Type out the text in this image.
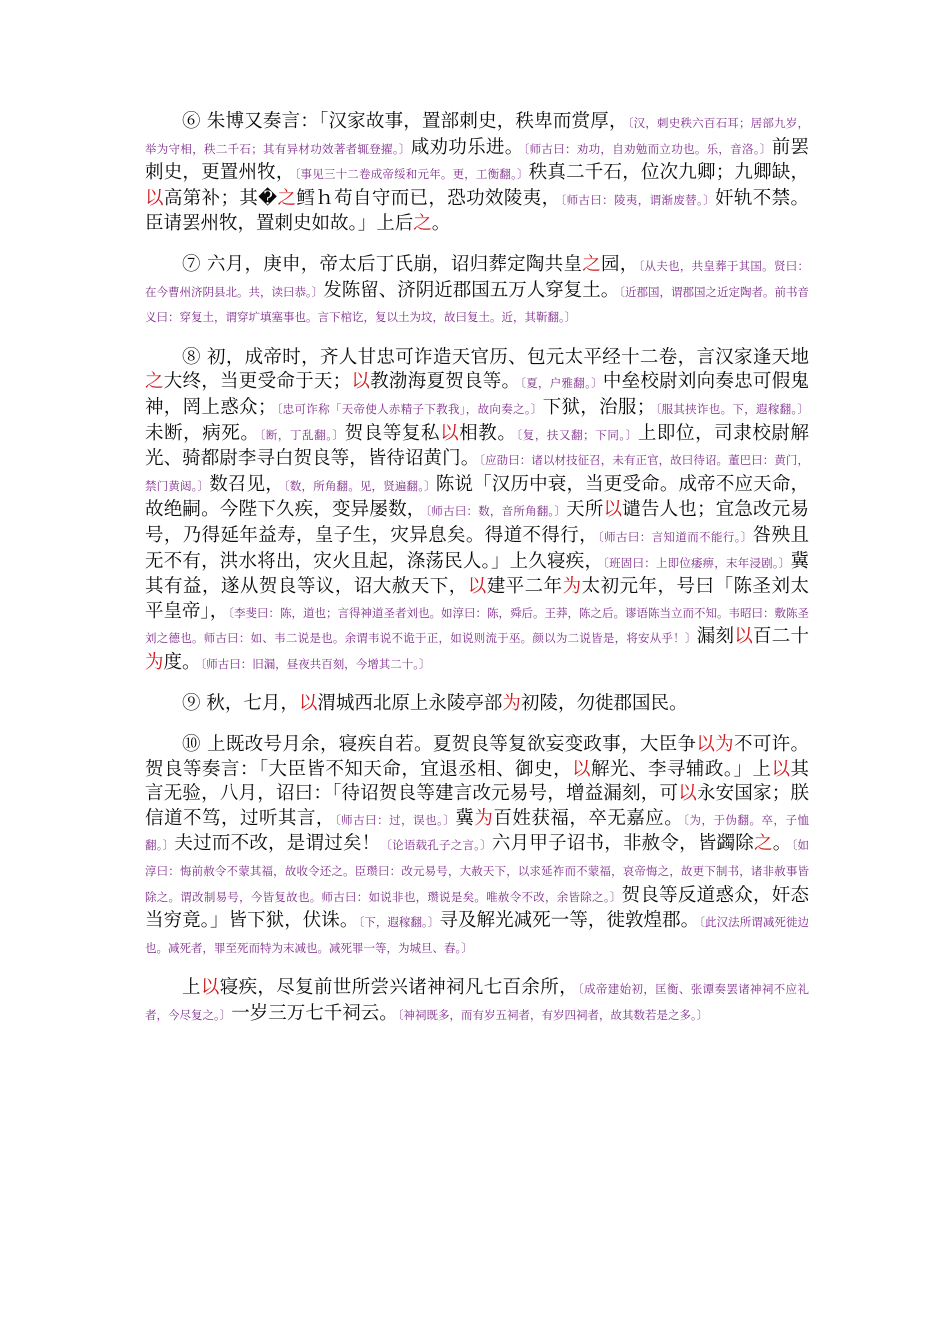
⑥ 朱博又奏言：「汉家故事，置部刺史，秩卑而赏厚，〔汉，刺史秩六百石耳；居部九岁，举为守相，秩二千石；其有异材功效著者辄登擢。〕咸劝功乐进。〔师古曰：劝功，自劝勉而立功也。乐，音洛。〕前罢刺史，更置州牧，〔事见三十二卷成帝绥和元年。更，工衡翻。〕秩真二千石，位次九卿；九卿缺，以高第补；其�之鳕ｈ苟自守而已，恐功效陵夷，〔师古曰：陵夷，谓渐废替。〕奸轨不禁。臣请罢州牧，置刺史如故。」上后之。

⑦ 六月，庚申，帝太后丁氏崩，诏归葬定陶共皇之园，〔从夫也，共皇葬于其国。贤曰：在今曹州济阴县北。共，读曰恭。〕发陈留、济阴近郡国五万人穿复土。〔近郡国，谓郡国之近定陶者。前书音义曰：穿复土，谓穿圹填塞事也。言下棺讫，复以土为坟，故曰复土。近，其靳翻。〕

⑧ 初，成帝时，齐人甘忠可诈造天官历、包元太平经十二卷，言汉家逢天地之大终，当更受命于天；以教渤海夏贺良等。〔夏，户雅翻。〕中垒校尉刘向奏忠可假鬼神，罔上惑众；〔忠可诈称「天帝使人赤精子下教我」，故向奏之。〕下狱，治服；〔服其挟诈也。下，遐稼翻。〕未断，病死。〔断，丁乱翻。〕贺良等复私以相教。〔复，扶又翻；下同。〕上即位，司隶校尉解光、骑都尉李寻白贺良等，皆待诏黄门。〔应劭曰：诸以材技征召，未有正官，故曰待诏。董巴曰：黄门，禁门黄闼。〕数召见，〔数，所角翻。见，贤遍翻。〕陈说「汉历中衰，当更受命。成帝不应天命，故绝嗣。今陛下久疾，变异屡数，〔师古曰：数，音所角翻。〕天所以谴告人也；宜急改元易号，乃得延年益寿，皇子生，灾异息矣。得道不得行，〔师古曰：言知道而不能行。〕咎殃且无不有，洪水将出，灾火且起，涤荡民人。」上久寝疾，〔班固曰：上即位痿痹，末年浸剧。〕冀其有益，遂从贺良等议，诏大赦天下，以建平二年为太初元年，号曰「陈圣刘太平皇帝」，〔李斐曰：陈，道也；言得神道圣者刘也。如淳曰：陈，舜后。王莽，陈之后。谬语陈当立而不知。韦昭曰：敷陈圣刘之德也。师古曰：如、韦二说是也。余谓韦说不诡于正，如说则流于巫。颜以为二说皆是，将安从乎！〕漏刻以百二十为度。〔师古曰：旧漏，昼夜共百刻，今增其二十。〕

⑨ 秋，七月，以渭城西北原上永陵亭部为初陵，勿徙郡国民。

⑩ 上既改号月余，寝疾自若。夏贺良等复欲妄变政事，大臣争以为不可许。贺良等奏言：「大臣皆不知天命，宜退丞相、御史，以解光、李寻辅政。」上以其言无验，八月，诏曰：「待诏贺良等建言改元易号，增益漏刻，可以永安国家；朕信道不笃，过听其言，〔师古曰：过，误也。〕冀为百姓获福，卒无嘉应。〔为，于伪翻。卒，子恤翻。〕夫过而不改，是谓过矣！〔论语载孔子之言。〕六月甲子诏书，非赦令，皆蠲除之。〔如淳曰：悔前赦令不蒙其福，故收令还之。臣瓒曰：改元易号，大赦天下，以求延祚而不蒙福，哀帝悔之，故更下制书，诸非赦事皆除之。谓改制易号，今皆复故也。师古曰：如说非也，瓒说是矣。唯赦令不改，余皆除之。〕贺良等反道惑众，奸态当穷竟。」皆下狱，伏诛。〔下，遐稼翻。〕寻及解光减死一等，徙敦煌郡。〔此汉法所谓减死徙边也。减死者，罪至死而特为末减也。减死罪一等，为城旦、舂。〕

上以寝疾，尽复前世所尝兴诸神祠凡七百余所，〔成帝建始初，匡衡、张谭奏罢诸神祠不应礼者，今尽复之。〕一岁三万七千祠云。〔神祠既多，而有岁五祠者，有岁四祠者，故其数若是之多。〕
